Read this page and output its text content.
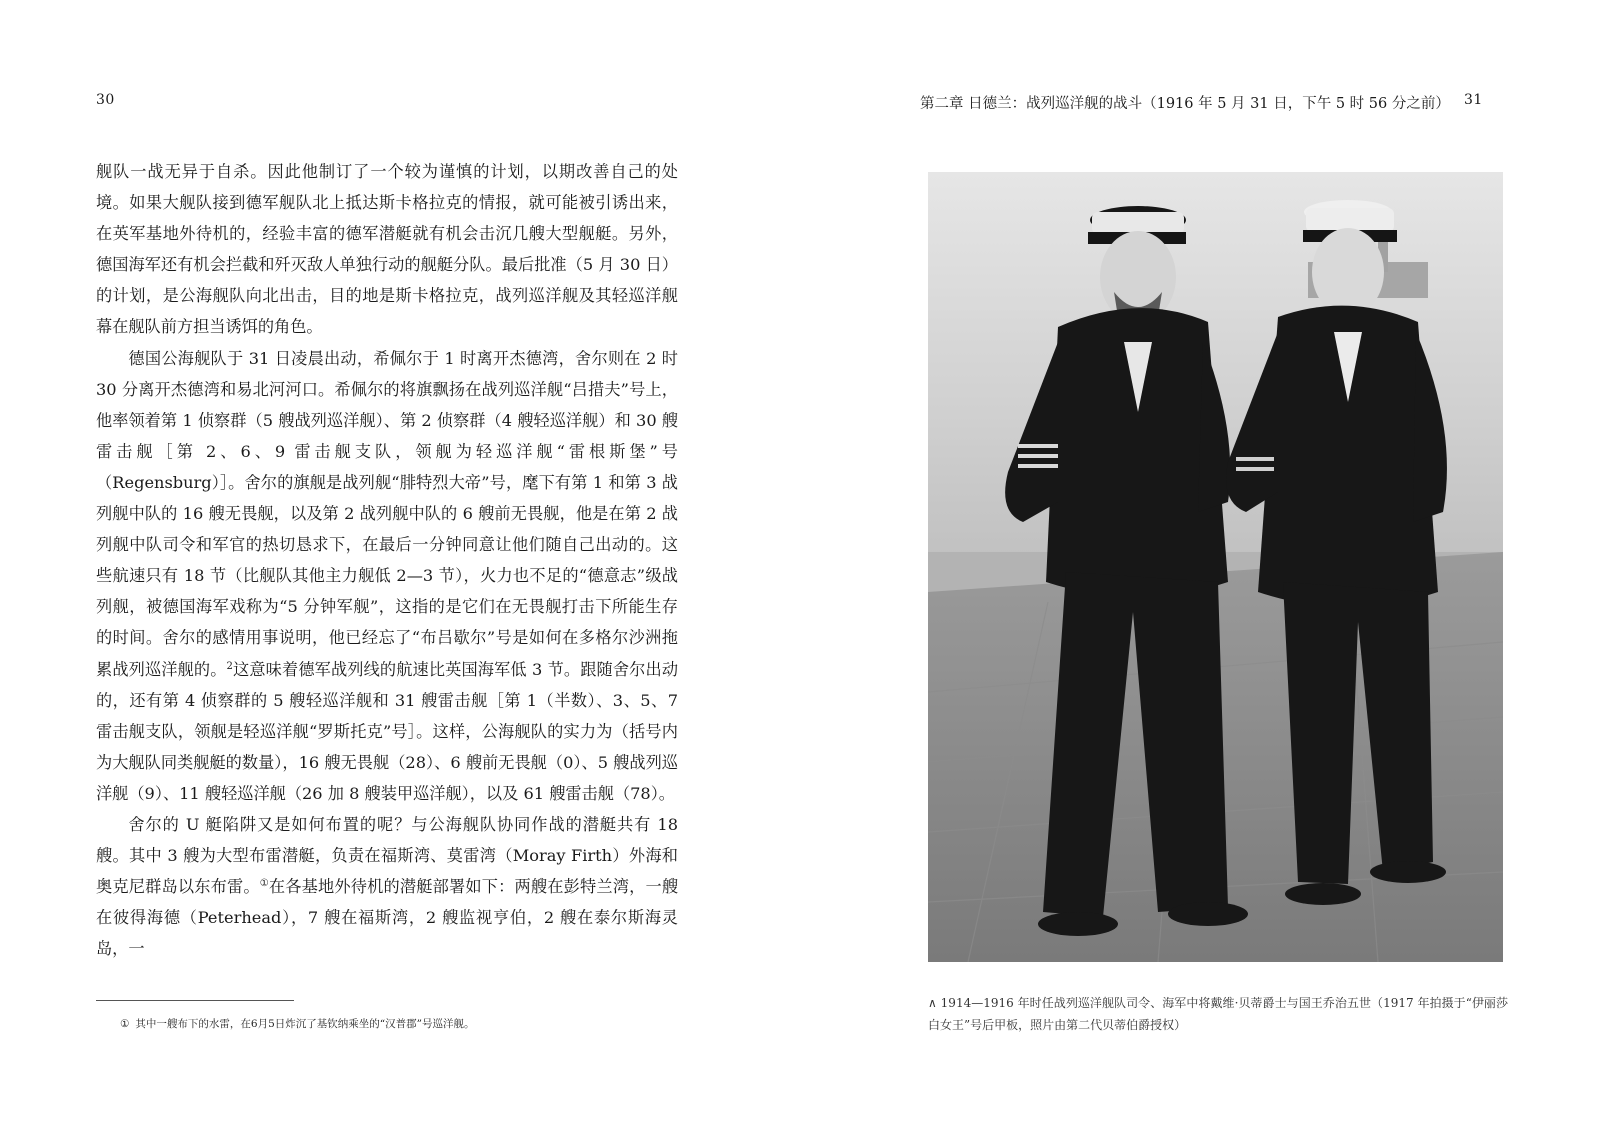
30

舰队一战无异于自杀。因此他制订了一个较为谨慎的计划，以期改善自己的处境。如果大舰队接到德军舰队北上抵达斯卡格拉克的情报，就可能被引诱出来，在英军基地外待机的，经验丰富的德军潜艇就有机会击沉几艘大型舰艇。另外，德国海军还有机会拦截和歼灭敌人单独行动的舰艇分队。最后批准（5 月 30 日）的计划，是公海舰队向北出击，目的地是斯卡格拉克，战列巡洋舰及其轻巡洋舰幕在舰队前方担当诱饵的角色。

德国公海舰队于 31 日凌晨出动，希佩尔于 1 时离开杰德湾，舍尔则在 2 时 30 分离开杰德湾和易北河河口。希佩尔的将旗飘扬在战列巡洋舰“吕措夫”号上，他率领着第 1 侦察群（5 艘战列巡洋舰）、第 2 侦察群（4 艘轻巡洋舰）和 30 艘雷击舰［第 2、6、9 雷击舰支队，领舰为轻巡洋舰“雷根斯堡”号（Regensburg）］。舍尔的旗舰是战列舰“腓特烈大帝”号，麾下有第 1 和第 3 战列舰中队的 16 艘无畏舰，以及第 2 战列舰中队的 6 艘前无畏舰，他是在第 2 战列舰中队司令和军官的热切恳求下，在最后一分钟同意让他们随自己出动的。这些航速只有 18 节（比舰队其他主力舰低 2—3 节），火力也不足的“德意志”级战列舰，被德国海军戏称为“5 分钟军舰”，这指的是它们在无畏舰打击下所能生存的时间。舍尔的感情用事说明，他已经忘了“布吕歇尔”号是如何在多格尔沙洲拖累战列巡洋舰的。$^2$这意味着德军战列线的航速比英国海军低 3 节。跟随舍尔出动的，还有第 4 侦察群的 5 艘轻巡洋舰和 31 艘雷击舰［第 1（半数）、3、5、7 雷击舰支队，领舰是轻巡洋舰“罗斯托克”号］。这样，公海舰队的实力为（括号内为大舰队同类舰艇的数量），16 艘无畏舰（28）、6 艘前无畏舰（0）、5 艘战列巡洋舰（9）、11 艘轻巡洋舰（26 加 8 艘装甲巡洋舰），以及 61 艘雷击舰（78）。

舍尔的 U 艇陷阱又是如何布置的呢？与公海舰队协同作战的潜艇共有 18 艘。其中 3 艘为大型布雷潜艇，负责在福斯湾、莫雷湾（Moray Firth）外海和奥克尼群岛以东布雷。①在各基地外待机的潜艇部署如下：两艘在彭特兰湾，一艘在彼得海德（Peterhead），7 艘在福斯湾，2 艘监视亨伯，2 艘在泰尔斯海灵岛，一

① 其中一艘布下的水雷，在6月5日炸沉了基钦纳乘坐的“汉普郡”号巡洋舰。
第二章 日德兰：战列巡洋舰的战斗（1916 年 5 月 31 日，下午 5 时 56 分之前） 31
∧ 1914—1916 年时任战列巡洋舰队司令、海军中将戴维·贝蒂爵士与国王乔治五世（1917 年拍摄于“伊丽莎白女王”号后甲板，照片由第二代贝蒂伯爵授权）
